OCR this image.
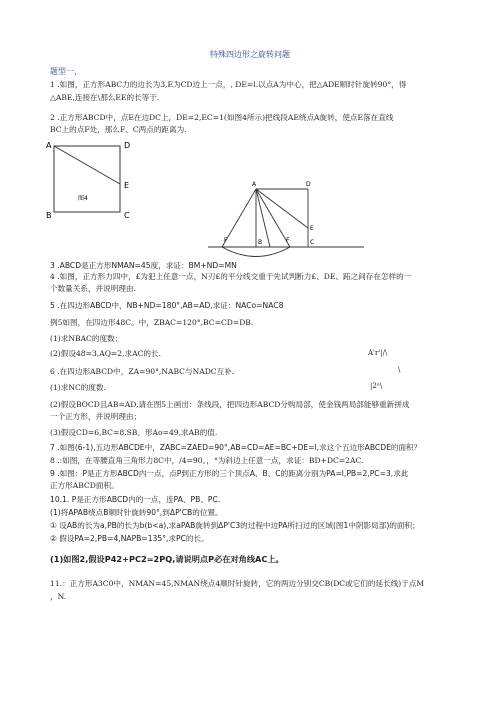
特殊四边形之旋转问题
题型一，
1 .如图，正方形ABC力的边长为3,E为CD边上一点，, DE=l.以点A为中心，把△ADE顺时针旋转90°，得
△ABE,连接在\那么EE的长等于.
2 .正方形ABCD中，点E在边DC上，DE=2,EC=1(如图4所示)把线段AE绕点A旋转，使点E落在直线
BC上的点F处，那么F、C两点的距离为.
A	D
E
B	C
图4
A	D
E
F	F
B	C
3 .ABCD是正方形NMAN=45度，求证：BM+ND=MN
4 .如图，正方形力四中，£为犯上任意一点，N刃£的平分线交重于先试判断力£、DE、跖之间存在怎样的一
个数量关系，并说明理由.
5 .在四边形ABCD中，NB+ND=180°,AB=AD,求证：NACo=NAC8
例5如图，在四边形48C。中，ZBAC=120°,BC=CD=DB.
(1)求NBAC的度数；
(2)假设48=3,AQ=2,求AC的长.	A'r'|/\
6 .在四边形ABCD中，ZA=90°,NABC与NADC互补.	\
(1)求NC的度数.	|2ⁿ\
(2)假设BOCD且AB=AD,请在图5上画出：条线段，把四边形ABCD分购局部，使金钱两局部能够重新拼成
一个正方形，并说明理由；
(3)假设CD=6,BC=8,SB。形Ao=49,求AB的值.
7 .如图(6-1),五边形ABCDE中，ZABC=ZAED=90°,AB=CD=AE=BC+DE=l,求这个五边形ABCDE的面积？
8 .:如图，在等腰直角三角形力8C中，/4=90。，°为斜边上任意一点，求证：BD+DC=2AC.
9 .如图：P是正方形ABCD内一点，点P到正方形的三个顶点A、B、C的距离分别为PA=l,PB=2,PC=3,求此
正方形ABCD面积。
10.1. P是正方形ABCD内的一点，连PA、PB、PC.
(1)将APAB绕点B顺时针旋转90°,到ΔP'CB的位置。
① 设AB的长为a,PB的长为b(b<a),求aPAB旋转到ΔP'C3的过程中边PA所扫过的区域(图1中阴影局部)的面积；
② 假设PA=2,PB=4,NAPB=135°,求PC的长。
(1)如图2,假设P42+PC2=2PQ,请说明点P必在对角线AC上。
11.：正方形A3C0中，NMAN=45,NMAN绕点4顺时针旋转，它的两边分别交CB(DC或它们的延长线)于点M
，N.
